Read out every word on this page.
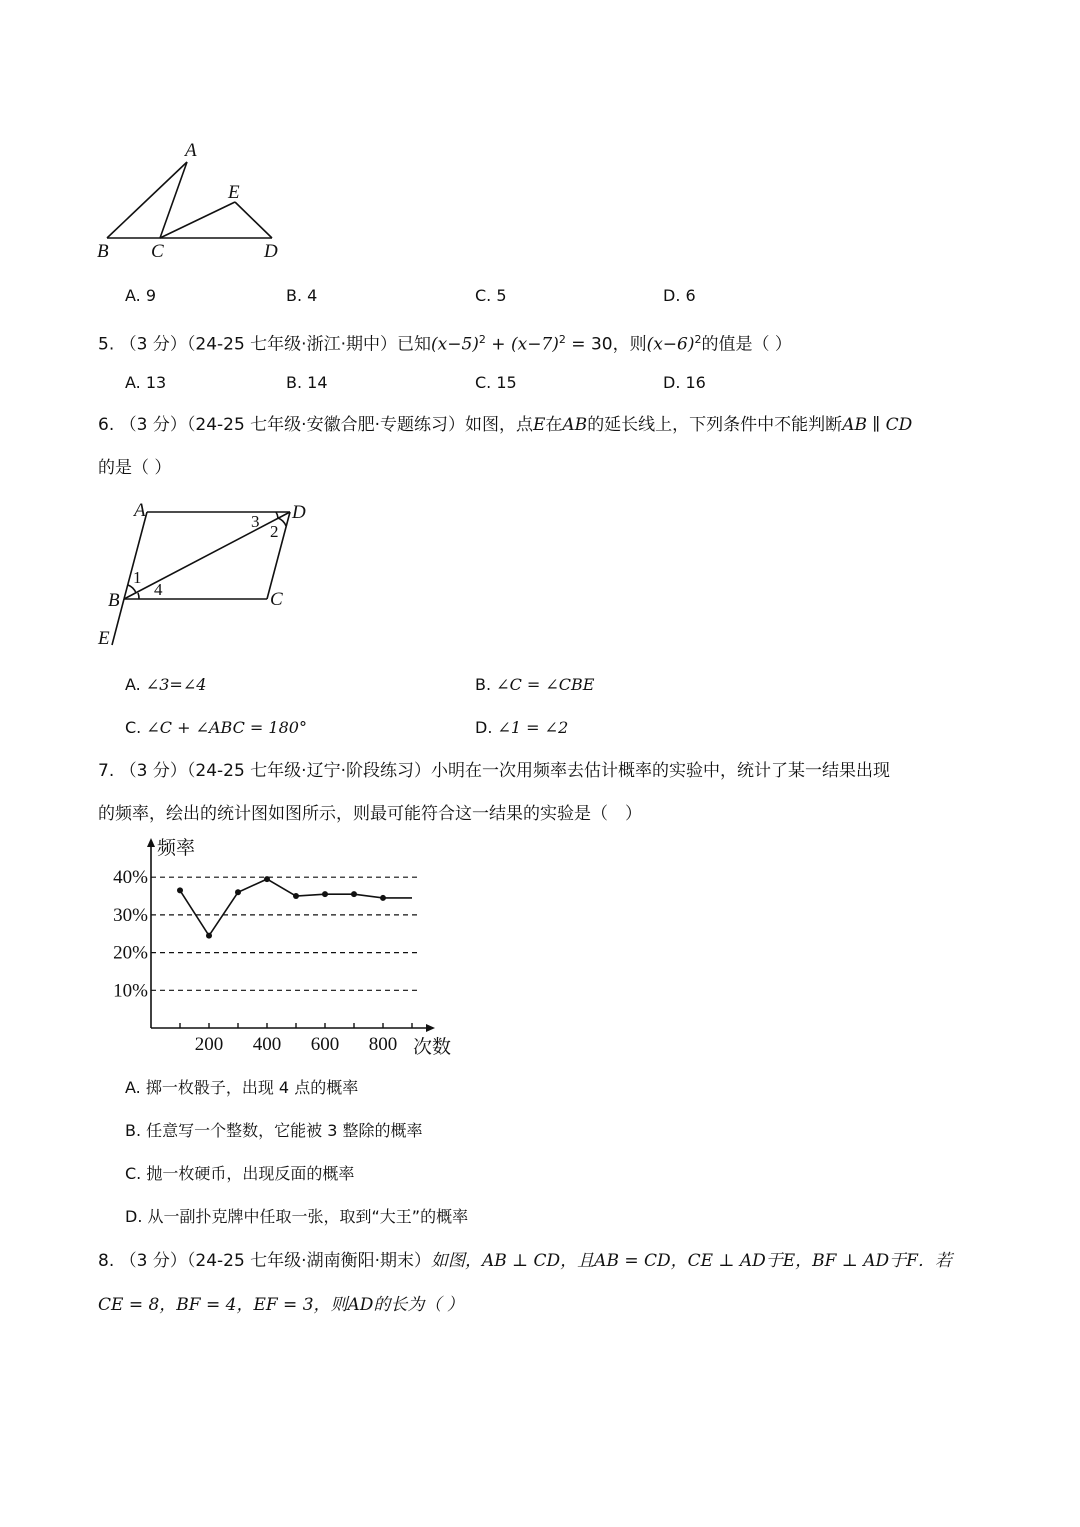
A
E
B C	D
A. 9	B. 4	C. 5	D. 6
5. （3 分）（24-25 七年级·浙江·期中）已知$(x-5)^2 + (x-7)^2 = 30$，则$(x-6)^2$的值是（ ）
A. 13	B. 14	C. 15	D. 16
6. （3 分）（24-25 七年级·安徽合肥·专题练习）如图，点E在AB的延长线上，下列条件中不能判断AB ∥ CD
的是（ ）
A	D
B	C
E
1
2
3
4
A. ∠3=∠4	B. ∠C = ∠CBE
C. ∠C + ∠ABC = 180°	D. ∠1 = ∠2
7. （3 分）（24-25 七年级·辽宁·阶段练习）小明在一次用频率去估计概率的实验中，统计了某一结果出现
的频率，绘出的统计图如图所示，则最可能符合这一结果的实验是（　）
10%
20%
30%
40%
200 400 600 800
频率
次数
A. 掷一枚骰子，出现 4 点的概率
B. 任意写一个整数，它能被 3 整除的概率
C. 抛一枚硬币，出现反面的概率
D. 从一副扑克牌中任取一张，取到“大王”的概率
8. （3 分）（24-25 七年级·湖南衡阳·期末）如图，AB ⊥ CD，且AB = CD，CE ⊥ AD于E，BF ⊥ AD于F．若
CE = 8，BF = 4，EF = 3，则AD的长为（ ）
